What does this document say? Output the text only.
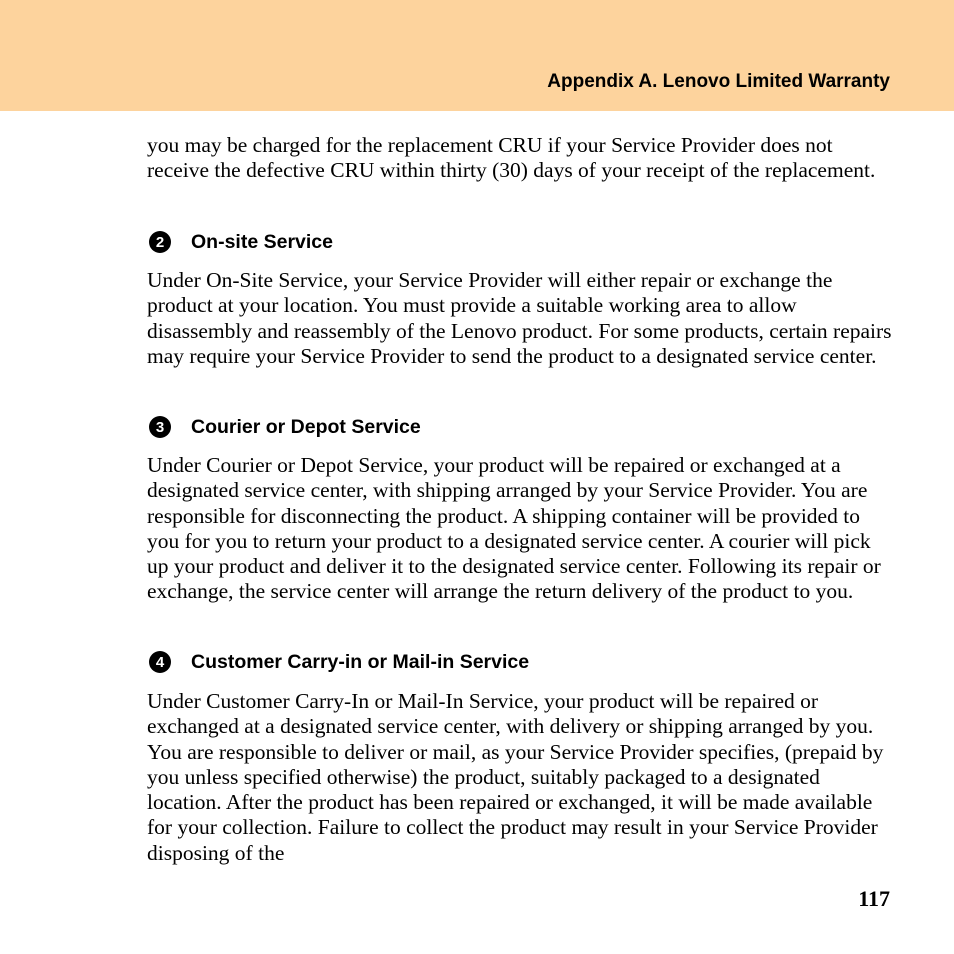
Appendix A. Lenovo Limited Warranty

you may be charged for the replacement CRU if your Service Provider does not receive the defective CRU within thirty (30) days of your receipt of the replacement.

2	On-site Service

Under On-Site Service, your Service Provider will either repair or exchange the product at your location. You must provide a suitable working area to allow disassembly and reassembly of the Lenovo product. For some products, certain repairs may require your Service Provider to send the product to a designated service center.

3	Courier or Depot Service

Under Courier or Depot Service, your product will be repaired or exchanged at a designated service center, with shipping arranged by your Service Provider. You are responsible for disconnecting the product. A shipping container will be provided to you for you to return your product to a designated service center. A courier will pick up your product and deliver it to the designated service center. Following its repair or exchange, the service center will arrange the return delivery of the product to you.

4	Customer Carry-in or Mail-in Service

Under Customer Carry-In or Mail-In Service, your product will be repaired or exchanged at a designated service center, with delivery or shipping arranged by you. You are responsible to deliver or mail, as your Service Provider specifies, (prepaid by you unless specified otherwise) the product, suitably packaged to a designated location. After the product has been repaired or exchanged, it will be made available for your collection. Failure to collect the product may result in your Service Provider disposing of the

117
